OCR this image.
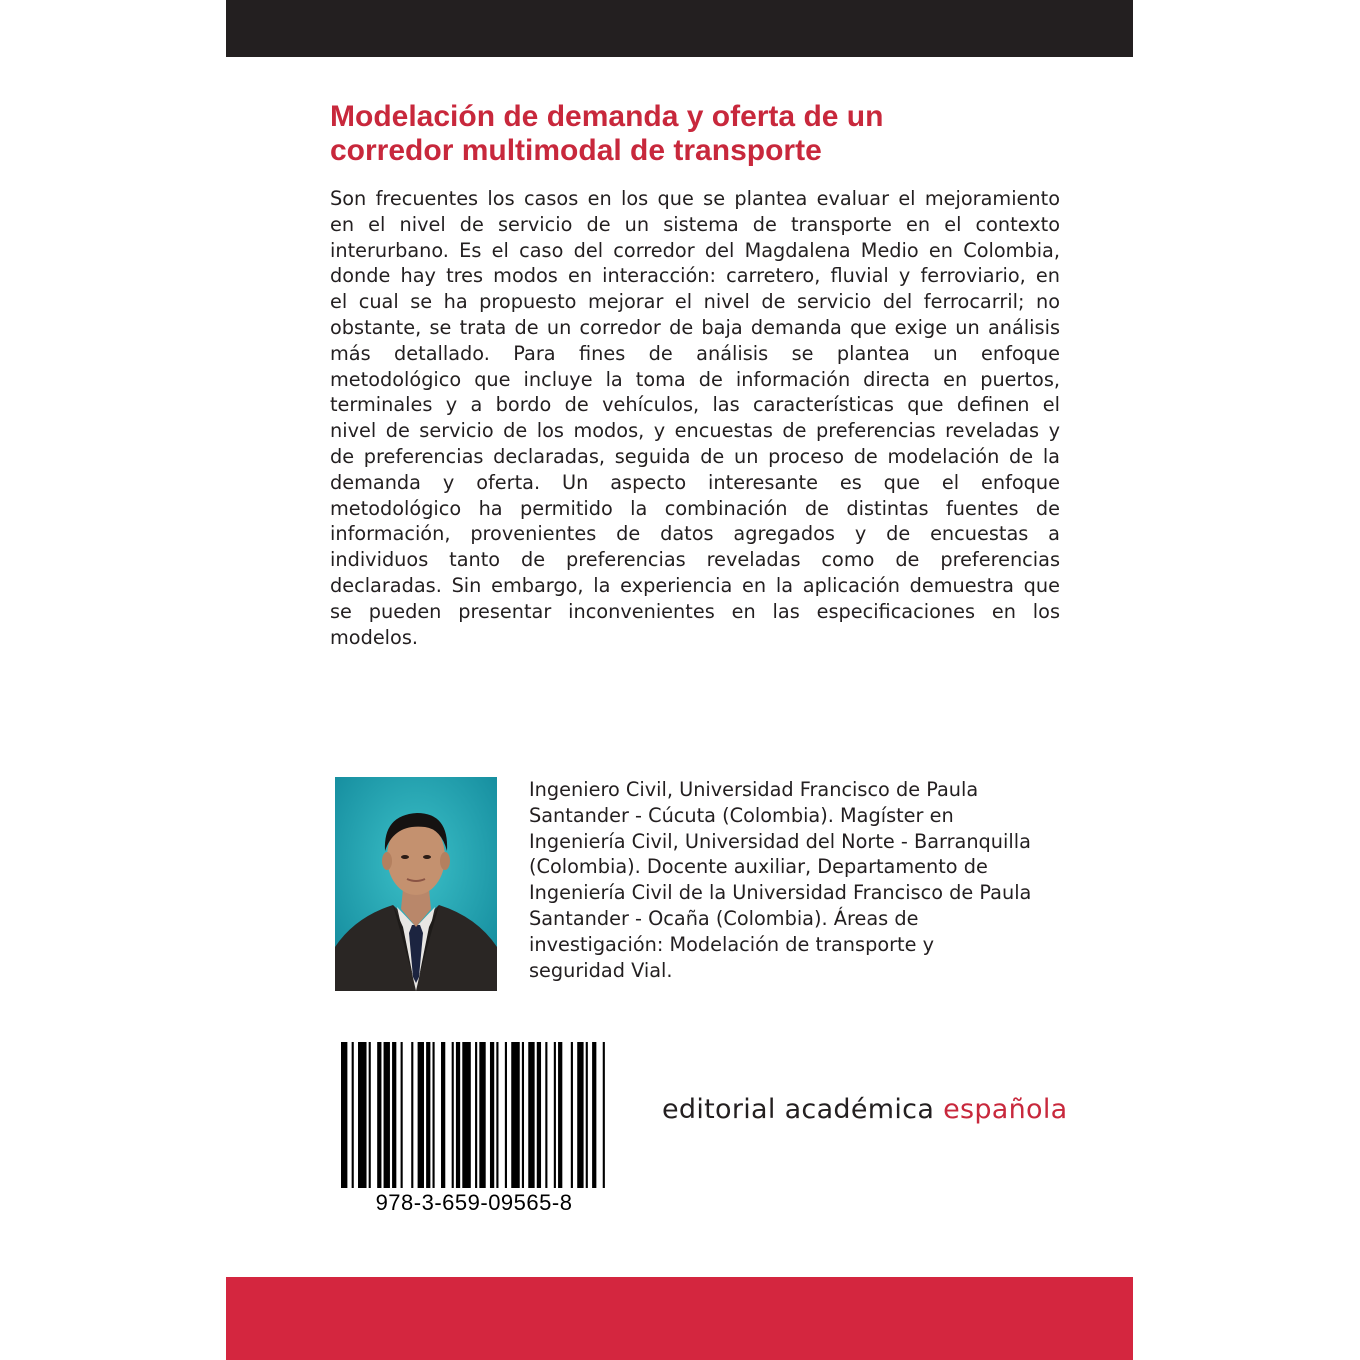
Modelación de demanda y oferta de un
corredor multimodal de transporte
Son frecuentes los casos en los que se plantea evaluar el mejoramiento
en el nivel de servicio de un sistema de transporte en el contexto
interurbano. Es el caso del corredor del Magdalena Medio en Colombia,
donde hay tres modos en interacción: carretero, fluvial y ferroviario, en
el cual se ha propuesto mejorar el nivel de servicio del ferrocarril; no
obstante, se trata de un corredor de baja demanda que exige un análisis
más detallado. Para fines de análisis se plantea un enfoque
metodológico que incluye la toma de información directa en puertos,
terminales y a bordo de vehículos, las características que definen el
nivel de servicio de los modos, y encuestas de preferencias reveladas y
de preferencias declaradas, seguida de un proceso de modelación de la
demanda y oferta. Un aspecto interesante es que el enfoque
metodológico ha permitido la combinación de distintas fuentes de
información, provenientes de datos agregados y de encuestas a
individuos tanto de preferencias reveladas como de preferencias
declaradas. Sin embargo, la experiencia en la aplicación demuestra que
se pueden presentar inconvenientes en las especificaciones en los
modelos.
Ingeniero Civil, Universidad Francisco de Paula
Santander - Cúcuta (Colombia). Magíster en
Ingeniería Civil, Universidad del Norte - Barranquilla
(Colombia). Docente auxiliar, Departamento de
Ingeniería Civil de la Universidad Francisco de Paula
Santander - Ocaña (Colombia). Áreas de
investigación: Modelación de transporte y
seguridad Vial.
978-3-659-09565-8
editorial académica española
